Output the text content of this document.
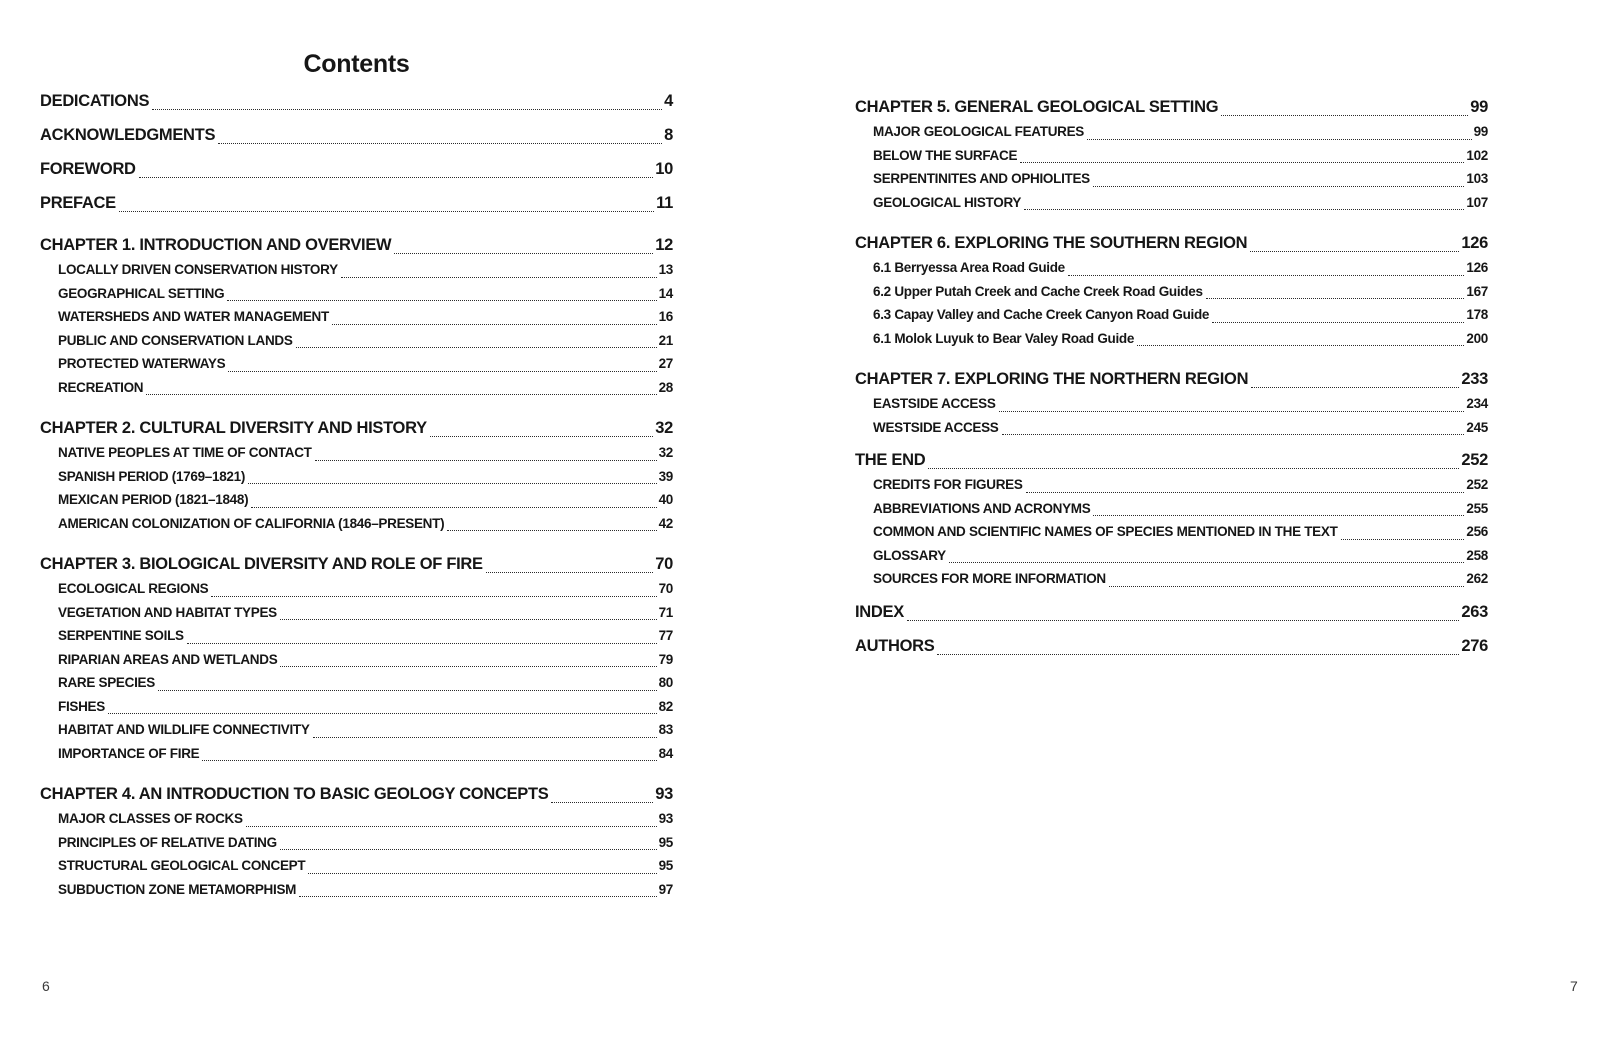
Contents
DEDICATIONS	4
ACKNOWLEDGMENTS	8
FOREWORD	10
PREFACE	11
CHAPTER 1. INTRODUCTION AND OVERVIEW	12
LOCALLY DRIVEN CONSERVATION HISTORY	13
GEOGRAPHICAL SETTING	14
WATERSHEDS AND WATER MANAGEMENT	16
PUBLIC AND CONSERVATION LANDS	21
PROTECTED WATERWAYS	27
RECREATION	28
CHAPTER 2. CULTURAL DIVERSITY AND HISTORY	32
NATIVE PEOPLES AT TIME OF CONTACT	32
SPANISH PERIOD (1769–1821)	39
MEXICAN PERIOD (1821–1848)	40
AMERICAN COLONIZATION OF CALIFORNIA (1846–PRESENT)	42
CHAPTER 3. BIOLOGICAL DIVERSITY AND ROLE OF FIRE	70
ECOLOGICAL REGIONS	70
VEGETATION AND HABITAT TYPES	71
SERPENTINE SOILS	77
RIPARIAN AREAS AND WETLANDS	79
RARE SPECIES	80
FISHES	82
HABITAT AND WILDLIFE CONNECTIVITY	83
IMPORTANCE OF FIRE	84
CHAPTER 4. AN INTRODUCTION TO BASIC GEOLOGY CONCEPTS	93
MAJOR CLASSES OF ROCKS	93
PRINCIPLES OF RELATIVE DATING	95
STRUCTURAL GEOLOGICAL CONCEPT	95
SUBDUCTION ZONE METAMORPHISM	97
CHAPTER 5. GENERAL GEOLOGICAL SETTING	99
MAJOR GEOLOGICAL FEATURES	99
BELOW THE SURFACE	102
SERPENTINITES AND OPHIOLITES	103
GEOLOGICAL HISTORY	107
CHAPTER 6. EXPLORING THE SOUTHERN REGION	126
6.1 Berryessa Area Road Guide	126
6.2 Upper Putah Creek and Cache Creek Road Guides	167
6.3 Capay Valley and Cache Creek Canyon Road Guide	178
6.1 Molok Luyuk to Bear Valey Road Guide	200
CHAPTER 7. EXPLORING THE NORTHERN REGION	233
EASTSIDE ACCESS	234
WESTSIDE ACCESS	245
THE END	252
CREDITS FOR FIGURES	252
ABBREVIATIONS AND ACRONYMS	255
COMMON AND SCIENTIFIC NAMES OF SPECIES MENTIONED IN THE TEXT	256
GLOSSARY	258
SOURCES FOR MORE INFORMATION	262
INDEX	263
AUTHORS	276
6	7
